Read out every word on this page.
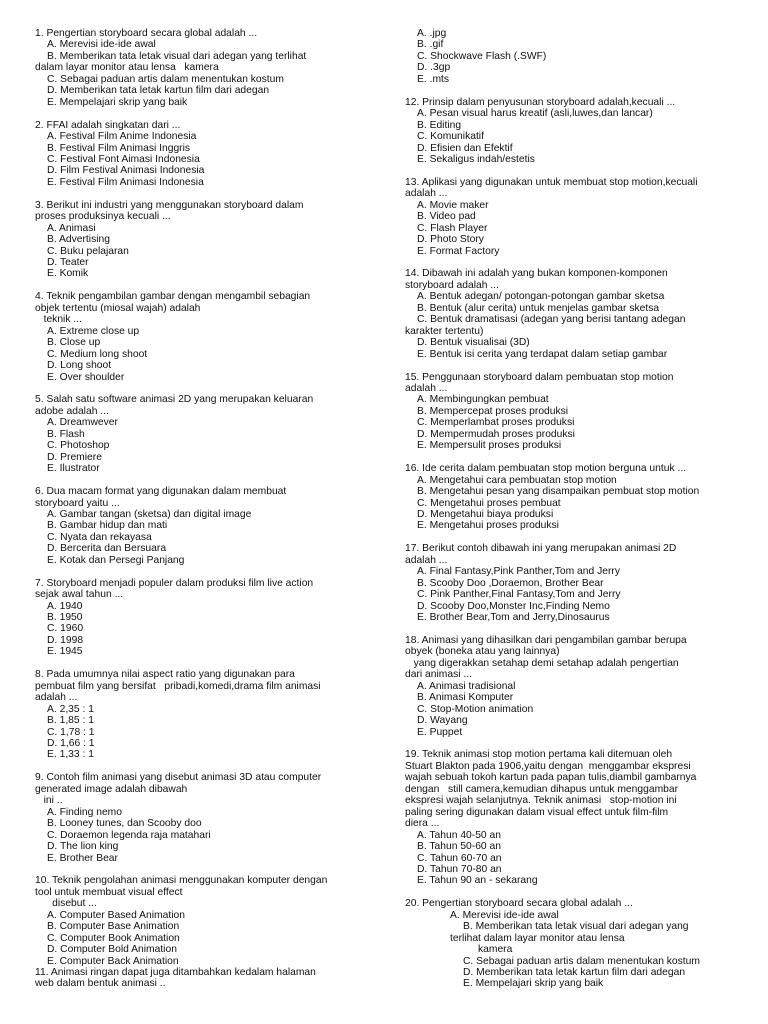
1. Pengertian storyboard secara global adalah ...
A. Merevisi ide-ide awal
B. Memberikan tata letak visual dari adegan yang terlihat
dalam layar monitor atau lensa   kamera
C. Sebagai paduan artis dalam menentukan kostum
D. Memberikan tata letak kartun film dari adegan
E. Mempelajari skrip yang baik
2. FFAI adalah singkatan dari ...
A. Festival Film Anime Indonesia
B. Festival Film Animasi Inggris
C. Festival Font Aimasi Indonesia
D. Film Festival Animasi Indonesia
E. Festival Film Animasi Indonesia
3. Berikut ini industri yang menggunakan storyboard dalam
proses produksinya kecuali ...
A. Animasi
B. Advertising
C. Buku pelajaran
D. Teater
E. Komik
4. Teknik pengambilan gambar dengan mengambil sebagian
objek tertentu (miosal wajah) adalah
teknik ...
A. Extreme close up
B. Close up
C. Medium long shoot
D. Long shoot
E. Over shoulder
5. Salah satu software animasi 2D yang merupakan keluaran
adobe adalah ...
A. Dreamwever
B. Flash
C. Photoshop
D. Premiere
E. Ilustrator
6. Dua macam format yang digunakan dalam membuat
storyboard yaitu ...
A. Gambar tangan (sketsa) dan digital image
B. Gambar hidup dan mati
C. Nyata dan rekayasa
D. Bercerita dan Bersuara
E. Kotak dan Persegi Panjang
7. Storyboard menjadi populer dalam produksi film live action
sejak awal tahun ...
A. 1940
B. 1950
C. 1960
D. 1998
E. 1945
8. Pada umumnya nilai aspect ratio yang digunakan para
pembuat film yang bersifat   pribadi,komedi,drama film animasi
adalah ...
A. 2,35 : 1
B. 1,85 : 1
C. 1,78 : 1
D. 1,66 : 1
E. 1,33 : 1
9. Contoh film animasi yang disebut animasi 3D atau computer
generated image adalah dibawah
ini ..
A. Finding nemo
B. Looney tunes, dan Scooby doo
C. Doraemon legenda raja matahari
D. The lion king
E. Brother Bear
10. Teknik pengolahan animasi menggunakan komputer dengan
tool untuk membuat visual effect
disebut ...
A. Computer Based Animation
B. Computer Base Animation
C. Computer Book Animation
D. Computer Bold Animation
E. Computer Back Animation
11. Animasi ringan dapat juga ditambahkan kedalam halaman
web dalam bentuk animasi ..
A. .jpg
B. .gif
C. Shockwave Flash (.SWF)
D. .3gp
E. .mts
12. Prinsip dalam penyusunan storyboard adalah,kecuali ...
A. Pesan visual harus kreatif (asli,luwes,dan lancar)
B. Editing
C. Komunikatif
D. Efisien dan Efektif
E. Sekaligus indah/estetis
13. Aplikasi yang digunakan untuk membuat stop motion,kecuali
adalah ...
A. Movie maker
B. Video pad
C. Flash Player
D. Photo Story
E. Format Factory
14. Dibawah ini adalah yang bukan komponen-komponen
storyboard adalah ...
A. Bentuk adegan/ potongan-potongan gambar sketsa
B. Bentuk (alur cerita) untuk menjelas gambar sketsa
C. Bentuk dramatisasi (adegan yang berisi tantang adegan
karakter tertentu)
D. Bentuk visualisai (3D)
E. Bentuk isi cerita yang terdapat dalam setiap gambar
15. Penggunaan storyboard dalam pembuatan stop motion
adalah ...
A. Membingungkan pembuat
B. Mempercepat proses produksi
C. Memperlambat proses produksi
D. Mempermudah proses produksi
E. Mempersulit proses produksi
16. Ide cerita dalam pembuatan stop motion berguna untuk ...
A. Mengetahui cara pembuatan stop motion
B. Mengetahui pesan yang disampaikan pembuat stop motion
C. Mengetahui proses pembuat
D. Mengetahui biaya produksi
E. Mengetahui proses produksi
17. Berikut contoh dibawah ini yang merupakan animasi 2D
adalah ...
A. Final Fantasy,Pink Panther,Tom and Jerry
B. Scooby Doo ,Doraemon, Brother Bear
C. Pink Panther,Final Fantasy,Tom and Jerry
D. Scooby Doo,Monster Inc,Finding Nemo
E. Brother Bear,Tom and Jerry,Dinosaurus
18. Animasi yang dihasilkan dari pengambilan gambar berupa
obyek (boneka atau yang lainnya)
yang digerakkan setahap demi setahap adalah pengertian
dari animasi ...
A. Animasi tradisional
B. Animasi Komputer
C. Stop-Motion animation
D. Wayang
E. Puppet
19. Teknik animasi stop motion pertama kali ditemuan oleh
Stuart Blakton pada 1906,yaitu dengan  menggambar ekspresi
wajah sebuah tokoh kartun pada papan tulis,diambil gambarnya
dengan   still camera,kemudian dihapus untuk menggambar
ekspresi wajah selanjutnya. Teknik animasi   stop-motion ini
paling sering digunakan dalam visual effect untuk film-film
diera ...
A. Tahun 40-50 an
B. Tahun 50-60 an
C. Tahun 60-70 an
D. Tahun 70-80 an
E. Tahun 90 an - sekarang
20. Pengertian storyboard secara global adalah ...
A. Merevisi ide-ide awal
B. Memberikan tata letak visual dari adegan yang
terlihat dalam layar monitor atau lensa
kamera
C. Sebagai paduan artis dalam menentukan kostum
D. Memberikan tata letak kartun film dari adegan
E. Mempelajari skrip yang baik
